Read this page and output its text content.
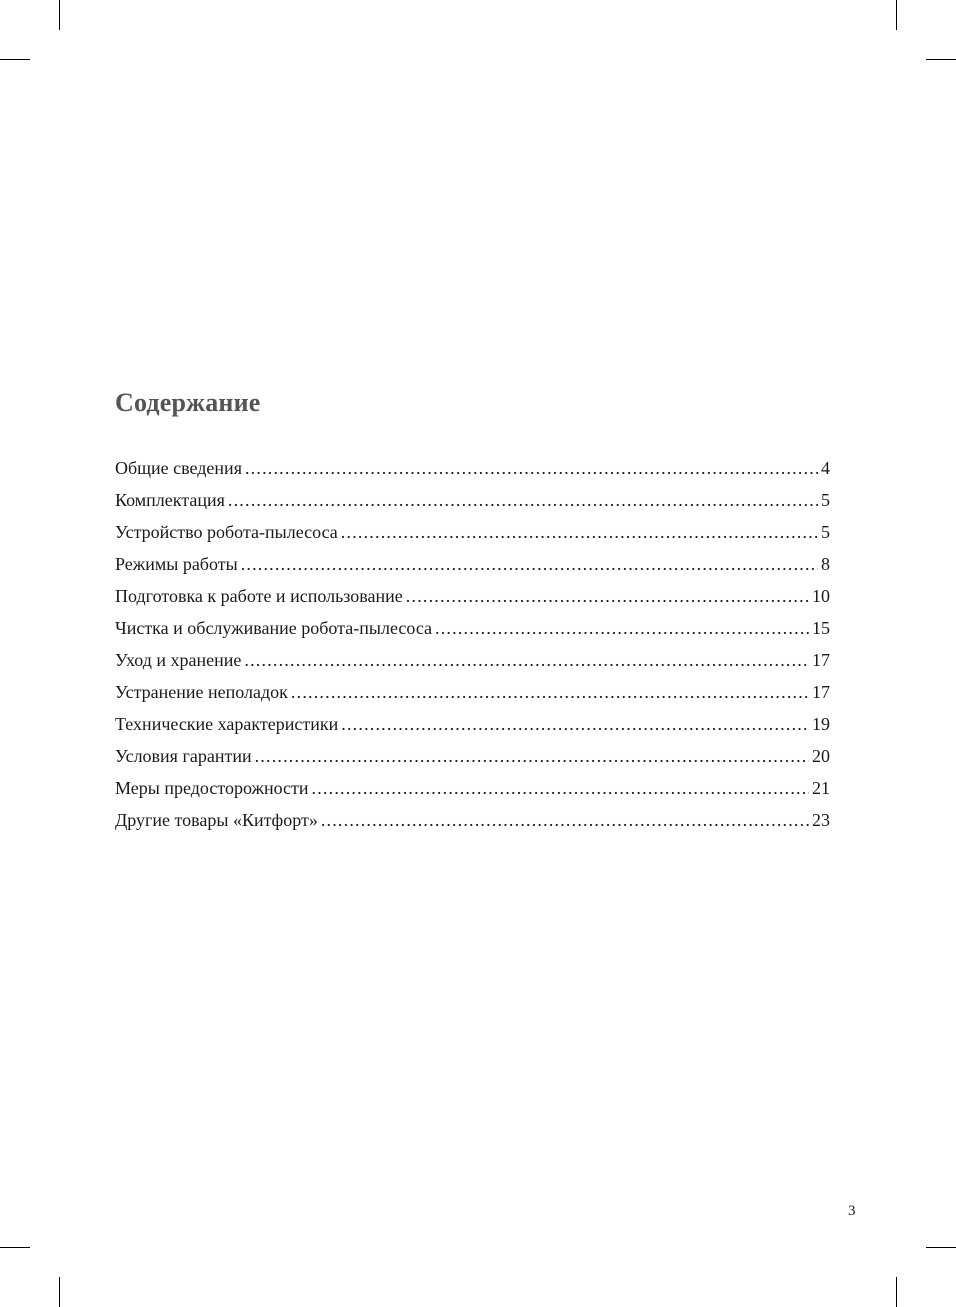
Содержание
Общие сведения .....	4
Комплектация .....	5
Устройство робота-пылесоса .....	5
Режимы работы .....	8
Подготовка к работе и использование .....	10
Чистка и обслуживание робота-пылесоса .....	15
Уход и хранение .....	17
Устранение неполадок .....	17
Технические характеристики .....	19
Условия гарантии .....	20
Меры предосторожности .....	21
Другие товары «Китфорт» .....	23
3
